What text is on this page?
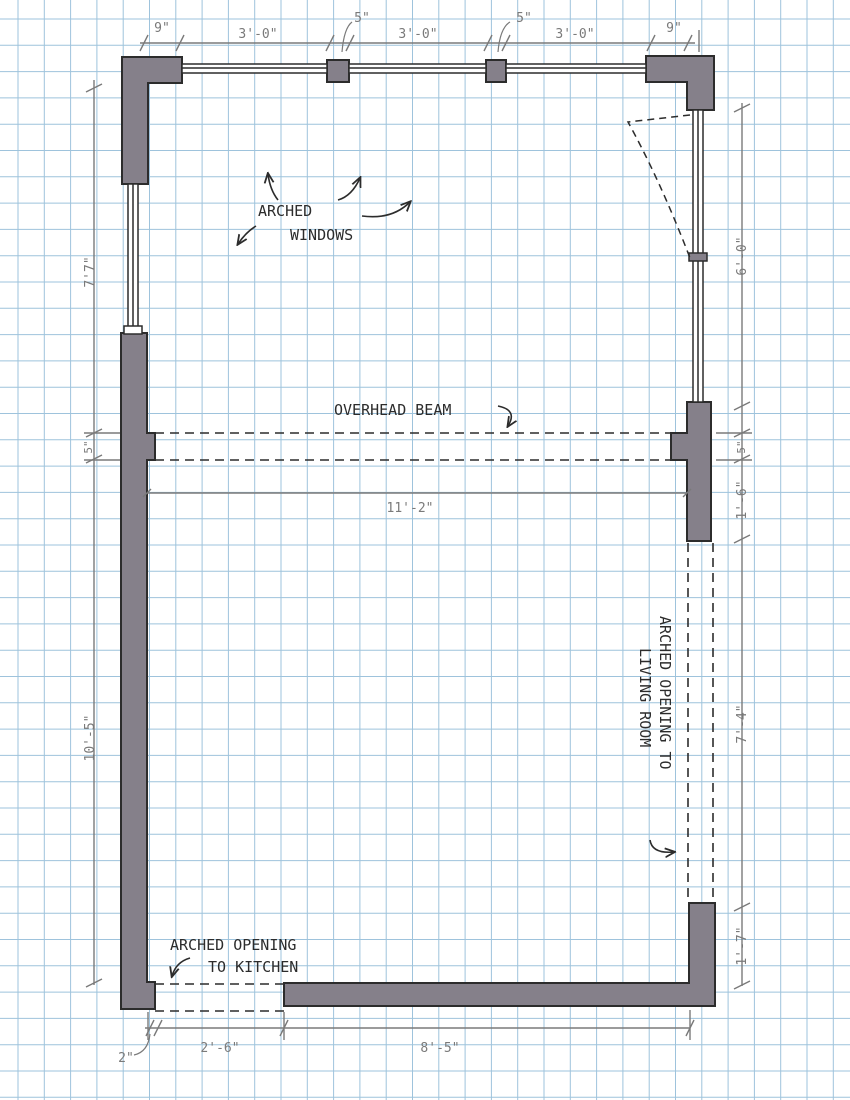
9"	3'-0"
5"
3'-0"
5"
3'-0"	9"
7'7"
5"
10'-5"
6'-0"
5"
1'-6"
7'-4"
1'-7"
11'-2"
2"
2'-6"	8'-5"
ARCHED
WINDOWS
OVERHEAD BEAM
ARCHED OPENING
TO KITCHEN
ARCHED OPENING TO
LIVING ROOM
